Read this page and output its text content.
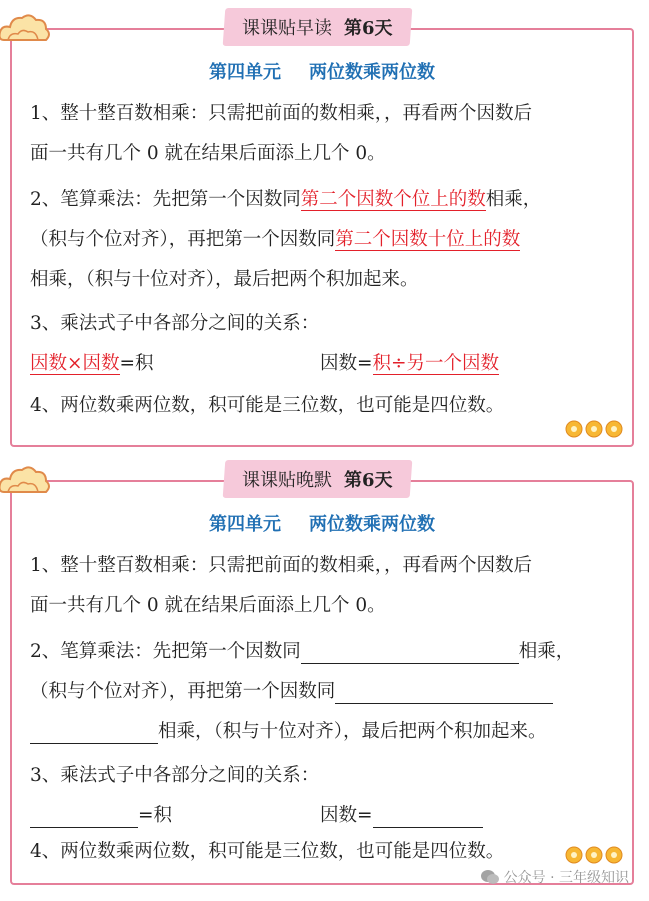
课课贴早读 第6天
第四单元 两位数乘两位数
1、整十整百数相乘：只需把前面的数相乘，，再看两个因数后
面一共有几个 0 就在结果后面添上几个 0。
2、笔算乘法：先把第一个因数同第二个因数个位上的数相乘，
（积与个位对齐），再把第一个因数同第二个因数十位上的数
相乘，（积与十位对齐），最后把两个积加起来。
3、乘法式子中各部分之间的关系：
因数×因数=积	因数=积÷另一个因数
4、两位数乘两位数，积可能是三位数，也可能是四位数。
课课贴晚默 第6天
第四单元 两位数乘两位数
1、整十整百数相乘：只需把前面的数相乘，，再看两个因数后
面一共有几个 0 就在结果后面添上几个 0。
2、笔算乘法：先把第一个因数同	相乘，
（积与个位对齐），再把第一个因数同
相乘，（积与十位对齐），最后把两个积加起来。
3、乘法式子中各部分之间的关系：
=积	因数=
4、两位数乘两位数，积可能是三位数，也可能是四位数。
公众号 · 三年级知识
